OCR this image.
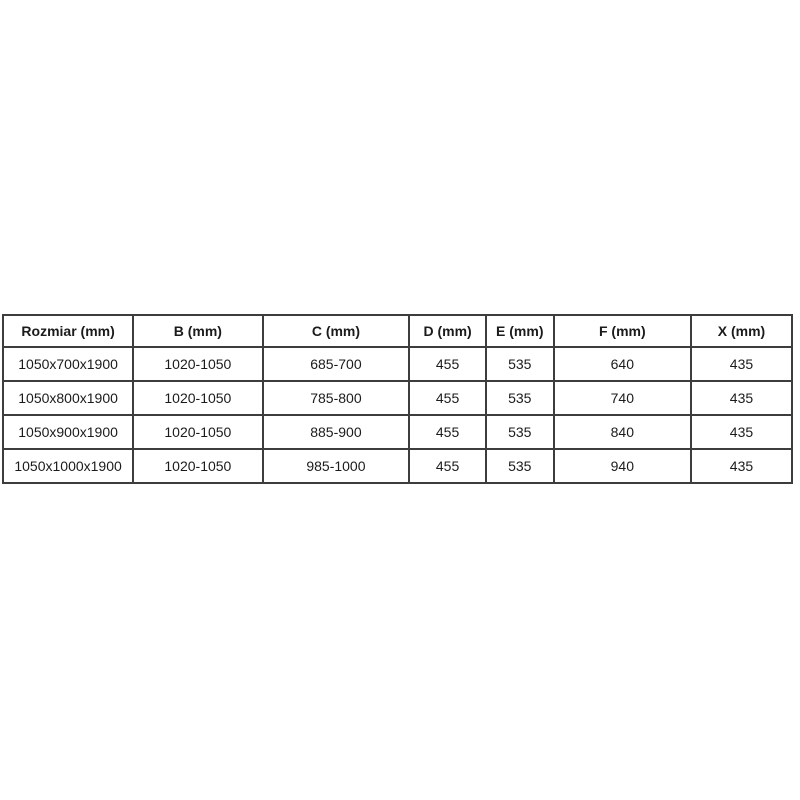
Rozmiar (mm)	B (mm)	C (mm)	D (mm)	E (mm)	F (mm)	X (mm)
1050x700x1900	1020-1050	685-700	455	535	640	435
1050x800x1900	1020-1050	785-800	455	535	740	435
1050x900x1900	1020-1050	885-900	455	535	840	435
1050x1000x1900	1020-1050	985-1000	455	535	940	435
